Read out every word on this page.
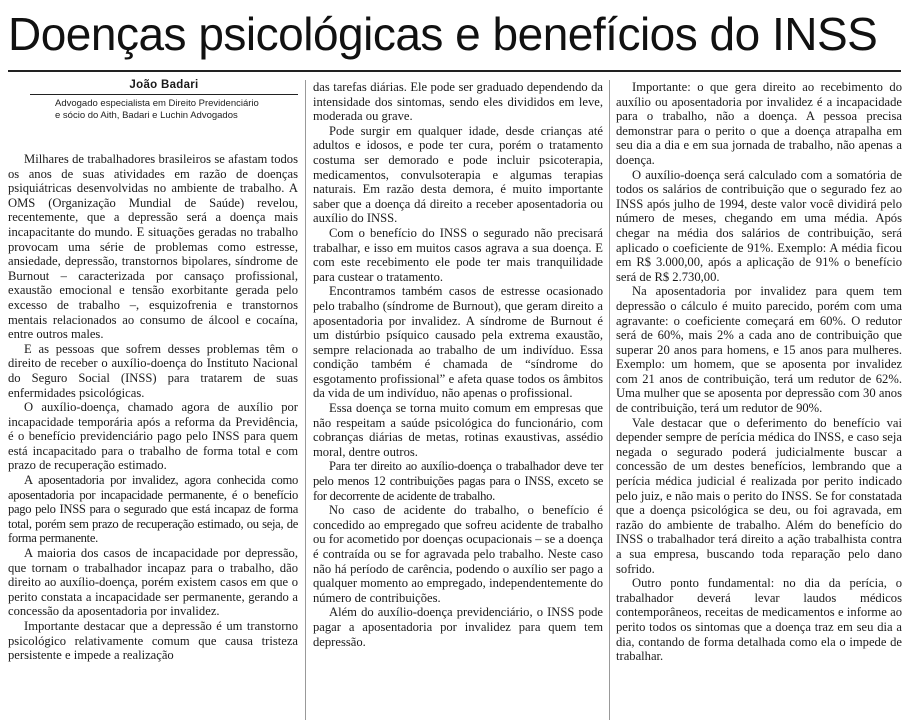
Doenças psicológicas e benefícios do INSS
João Badari
Advogado especialista em Direito Previdenciário
e sócio do Aith, Badari e Luchin Advogados

Milhares de trabalhadores brasileiros se afastam todos os anos de suas atividades em razão de doenças psiquiátricas desenvolvidas no ambiente de trabalho. A OMS (Organização Mundial de Saúde) revelou, recentemente, que a depressão será a doença mais incapacitante do mundo. E situações geradas no trabalho provocam uma série de problemas como estresse, ansiedade, depressão, transtornos bipolares, síndrome de Burnout – caracterizada por cansaço profissional, exaustão emocional e tensão exorbitante gerada pelo excesso de trabalho –, esquizofrenia e transtornos mentais relacionados ao consumo de álcool e cocaína, entre outros males.

E as pessoas que sofrem desses problemas têm o direito de receber o auxílio-doença do Instituto Nacional do Seguro Social (INSS) para tratarem de suas enfermidades psicológicas.

O auxílio-doença, chamado agora de auxílio por incapacidade temporária após a reforma da Previdência, é o benefício previdenciário pago pelo INSS para quem está incapacitado para o trabalho de forma total e com prazo de recuperação estimado.

A aposentadoria por invalidez, agora conhecida como aposentadoria por incapacidade permanente, é o benefício pago pelo INSS para o segurado que está incapaz de forma total, porém sem prazo de recuperação estimado, ou seja, de forma permanente.

A maioria dos casos de incapacidade por depressão, que tornam o trabalhador incapaz para o trabalho, dão direito ao auxílio-doença, porém existem casos em que o perito constata a incapacidade ser permanente, gerando a concessão da aposentadoria por invalidez.

Importante destacar que a depressão é um transtorno psicológico relativamente comum que causa tristeza persistente e impede a realização

das tarefas diárias. Ele pode ser graduado dependendo da intensidade dos sintomas, sendo eles divididos em leve, moderada ou grave.

Pode surgir em qualquer idade, desde crianças até adultos e idosos, e pode ter cura, porém o tratamento costuma ser demorado e pode incluir psicoterapia, medicamentos, convulsoterapia e algumas terapias naturais. Em razão desta demora, é muito importante saber que a doença dá direito a receber aposentadoria ou auxílio do INSS.

Com o benefício do INSS o segurado não precisará trabalhar, e isso em muitos casos agrava a sua doença. E com este recebimento ele pode ter mais tranquilidade para custear o tratamento.

Encontramos também casos de estresse ocasionado pelo trabalho (síndrome de Burnout), que geram direito a aposentadoria por invalidez. A síndrome de Burnout é um distúrbio psíquico causado pela extrema exaustão, sempre relacionada ao trabalho de um indivíduo. Essa condição também é chamada de “síndrome do esgotamento profissional” e afeta quase todos os âmbitos da vida de um indivíduo, não apenas o profissional.

Essa doença se torna muito comum em empresas que não respeitam a saúde psicológica do funcionário, com cobranças diárias de metas, rotinas exaustivas, assédio moral, dentre outros.

Para ter direito ao auxílio-doença o trabalhador deve ter pelo menos 12 contribuições pagas para o INSS, exceto se for decorrente de acidente de trabalho.

No caso de acidente do trabalho, o benefício é concedido ao empregado que sofreu acidente de trabalho ou for acometido por doenças ocupacionais – se a doença é contraída ou se for agravada pelo trabalho. Neste caso não há período de carência, podendo o auxílio ser pago a qualquer momento ao empregado, independentemente do número de contribuições.

Além do auxílio-doença previdenciário, o INSS pode pagar a aposentadoria por invalidez para quem tem depressão.

Importante: o que gera direito ao recebimento do auxílio ou aposentadoria por invalidez é a incapacidade para o trabalho, não a doença. A pessoa precisa demonstrar para o perito o que a doença atrapalha em seu dia a dia e em sua jornada de trabalho, não apenas a doença.

O auxílio-doença será calculado com a somatória de todos os salários de contribuição que o segurado fez ao INSS após julho de 1994, deste valor você dividirá pelo número de meses, chegando em uma média. Após chegar na média dos salários de contribuição, será aplicado o coeficiente de 91%. Exemplo: A média ficou em R$ 3.000,00, após a aplicação de 91% o benefício será de R$ 2.730,00.

Na aposentadoria por invalidez para quem tem depressão o cálculo é muito parecido, porém com uma agravante: o coeficiente começará em 60%. O redutor será de 60%, mais 2% a cada ano de contribuição que superar 20 anos para homens, e 15 anos para mulheres. Exemplo: um homem, que se aposenta por invalidez com 21 anos de contribuição, terá um redutor de 62%. Uma mulher que se aposenta por depressão com 30 anos de contribuição, terá um redutor de 90%.

Vale destacar que o deferimento do benefício vai depender sempre de perícia médica do INSS, e caso seja negada o segurado poderá judicialmente buscar a concessão de um destes benefícios, lembrando que a perícia médica judicial é realizada por perito indicado pelo juiz, e não mais o perito do INSS. Se for constatada que a doença psicológica se deu, ou foi agravada, em razão do ambiente de trabalho. Além do benefício do INSS o trabalhador terá direito a ação trabalhista contra a sua empresa, buscando toda reparação pelo dano sofrido.

Outro ponto fundamental: no dia da perícia, o trabalhador deverá levar laudos médicos contemporâneos, receitas de medicamentos e informe ao perito todos os sintomas que a doença traz em seu dia a dia, contando de forma detalhada como ela o impede de trabalhar.
